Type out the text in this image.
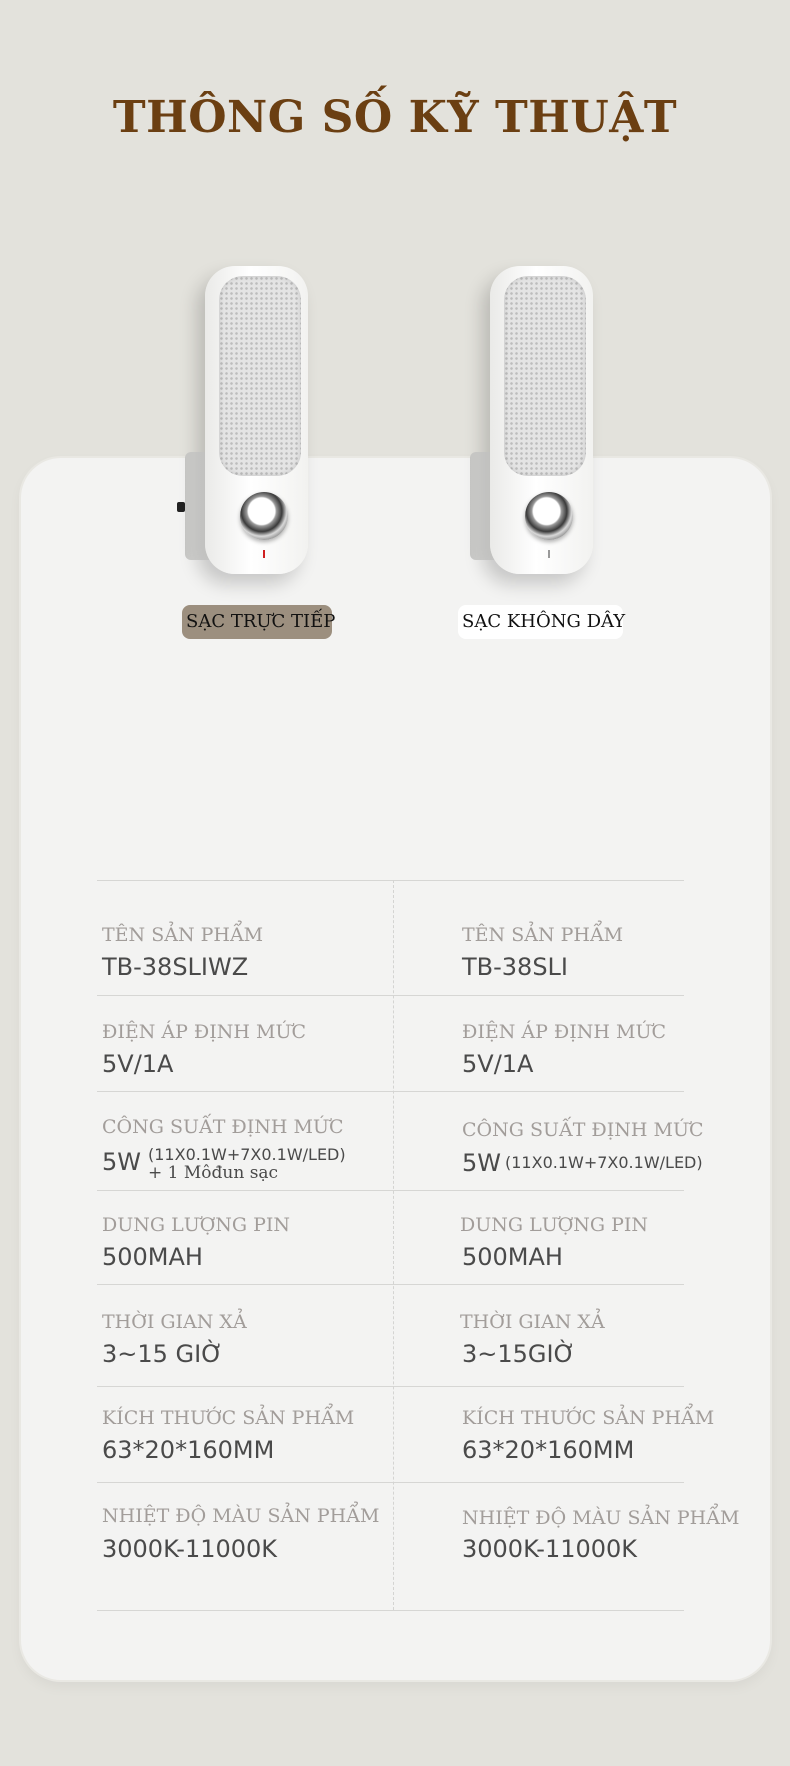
THÔNG SỐ KỸ THUẬT
SẠC TRỰC TIẾP	SẠC KHÔNG DÂY
TÊN SẢN PHẨM
TB-38SLIWZ
ĐIỆN ÁP ĐỊNH MỨC
5V/1A
CÔNG SUẤT ĐỊNH MỨC
5W (11X0.1W+7X0.1W/LED)
+ 1 Môđun sạc
DUNG LƯỢNG PIN
500MAH
THỜI GIAN XẢ
3~15 GIỜ
KÍCH THƯỚC SẢN PHẨM
63*20*160MM
NHIỆT ĐỘ MÀU SẢN PHẨM
3000K-11000K
TÊN SẢN PHẨM
TB-38SLI
ĐIỆN ÁP ĐỊNH MỨC
5V/1A
CÔNG SUẤT ĐỊNH MỨC
5W (11X0.1W+7X0.1W/LED)
DUNG LƯỢNG PIN
500MAH
THỜI GIAN XẢ
3~15GIỜ
KÍCH THƯỚC SẢN PHẨM
63*20*160MM
NHIỆT ĐỘ MÀU SẢN PHẨM
3000K-11000K
